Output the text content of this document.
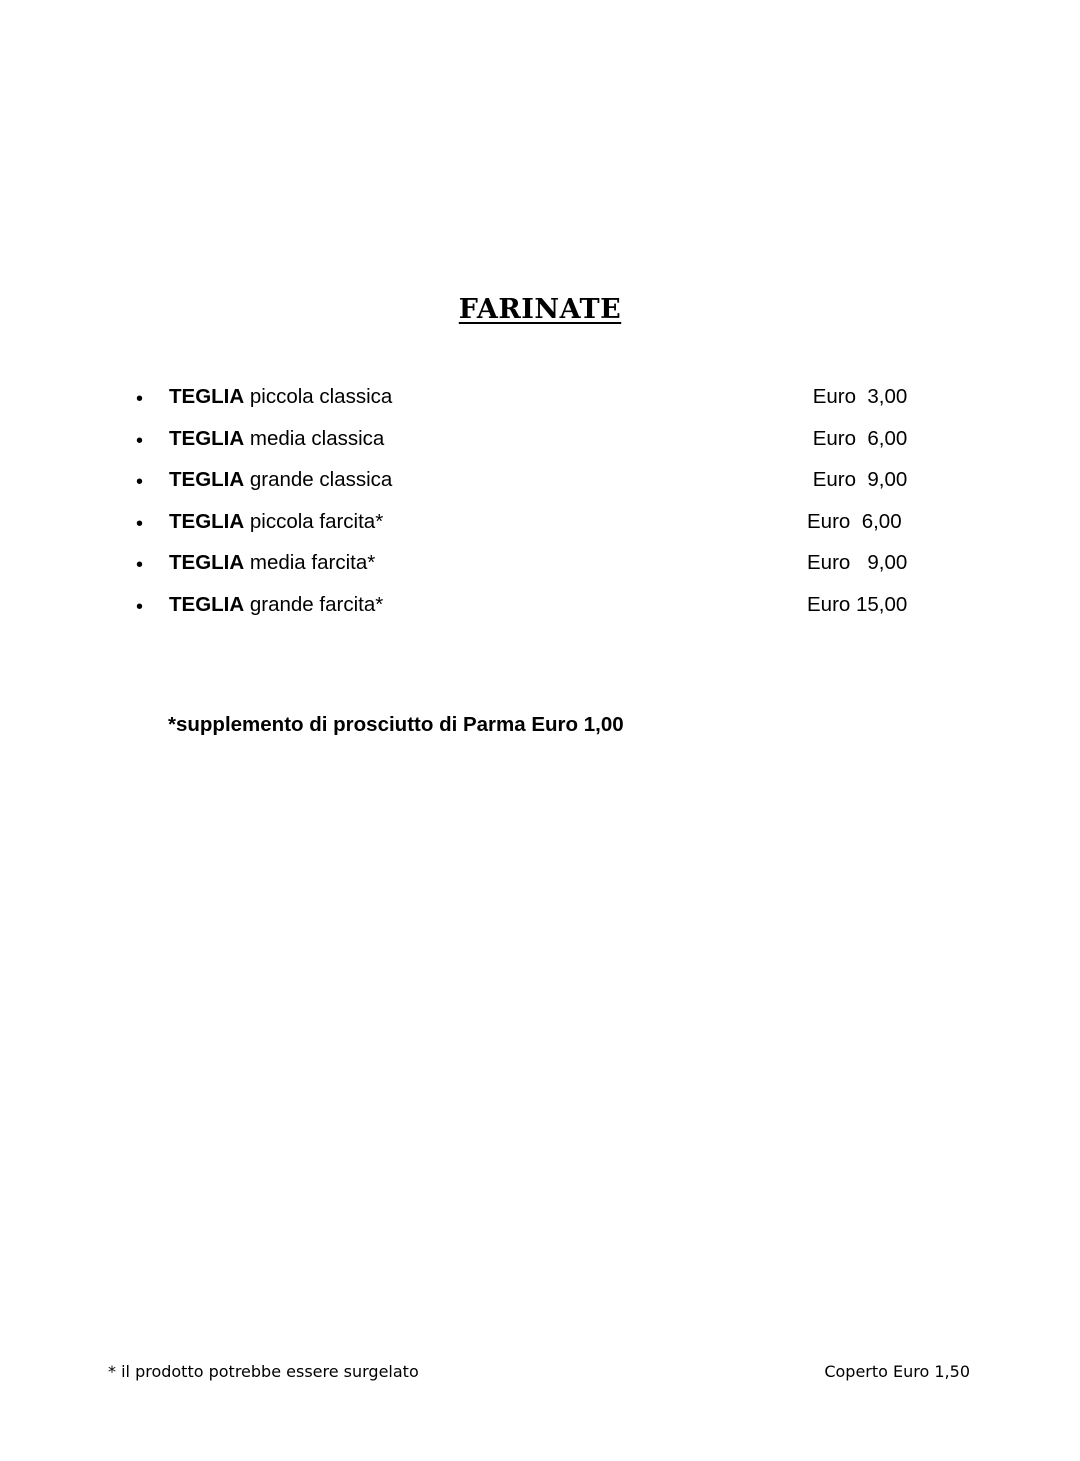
FARINATE
• TEGLIA piccola classica	Euro  3,00
• TEGLIA media classica	Euro  6,00
• TEGLIA grande classica	Euro  9,00
• TEGLIA piccola farcita*	Euro  6,00
• TEGLIA media farcita*	Euro   9,00
• TEGLIA grande farcita*	Euro 15,00
*supplemento di prosciutto di Parma Euro 1,00
* il prodotto potrebbe essere surgelato	Coperto Euro 1,50
